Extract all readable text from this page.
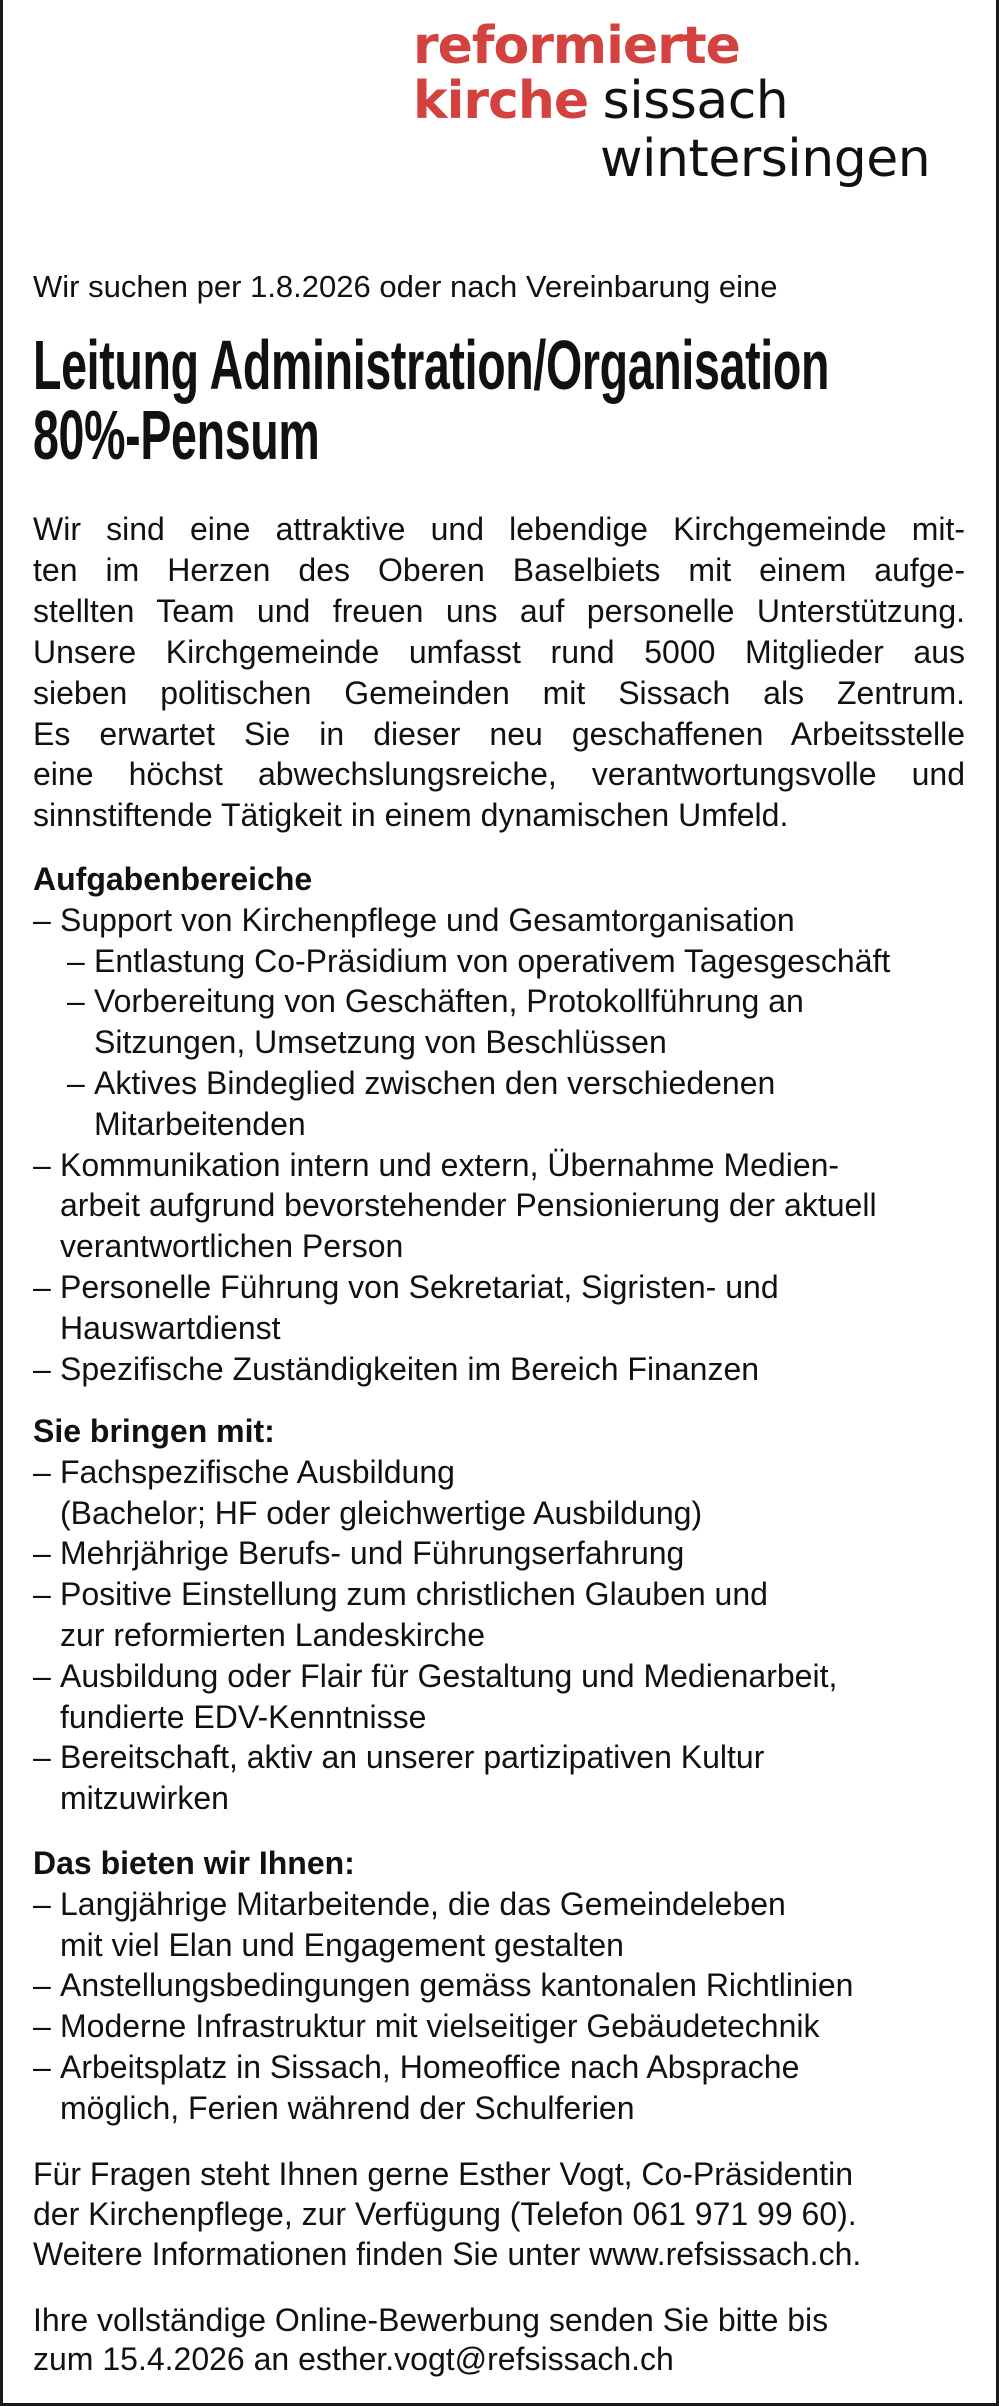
reformierte
kirche sissach
wintersingen
Wir suchen per 1.8.2026 oder nach Vereinbarung eine
Leitung Administration/Organisation
80%-Pensum
Wir sind eine attraktive und lebendige Kirchgemeinde mit-
ten im Herzen des Oberen Baselbiets mit einem aufge-
stellten Team und freuen uns auf personelle Unterstützung.
Unsere Kirchgemeinde umfasst rund 5000 Mitglieder aus
sieben politischen Gemeinden mit Sissach als Zentrum.
Es erwartet Sie in dieser neu geschaffenen Arbeitsstelle
eine höchst abwechslungsreiche, verantwortungsvolle und
sinnstiftende Tätigkeit in einem dynamischen Umfeld.
Aufgabenbereiche
– Support von Kirchenpflege und Gesamtorganisation
– Entlastung Co-Präsidium von operativem Tagesgeschäft
– Vorbereitung von Geschäften, Protokollführung an
Sitzungen, Umsetzung von Beschlüssen
– Aktives Bindeglied zwischen den verschiedenen
Mitarbeitenden
– Kommunikation intern und extern, Übernahme Medien-
arbeit aufgrund bevorstehender Pensionierung der aktuell
verantwortlichen Person
– Personelle Führung von Sekretariat, Sigristen- und
Hauswartdienst
– Spezifische Zuständigkeiten im Bereich Finanzen
Sie bringen mit:
– Fachspezifische Ausbildung
(Bachelor; HF oder gleichwertige Ausbildung)
– Mehrjährige Berufs- und Führungserfahrung
– Positive Einstellung zum christlichen Glauben und
zur reformierten Landeskirche
– Ausbildung oder Flair für Gestaltung und Medienarbeit,
fundierte EDV-Kenntnisse
– Bereitschaft, aktiv an unserer partizipativen Kultur
mitzuwirken
Das bieten wir Ihnen:
– Langjährige Mitarbeitende, die das Gemeindeleben
mit viel Elan und Engagement gestalten
– Anstellungsbedingungen gemäss kantonalen Richtlinien
– Moderne Infrastruktur mit vielseitiger Gebäudetechnik
– Arbeitsplatz in Sissach, Homeoffice nach Absprache
möglich, Ferien während der Schulferien
Für Fragen steht Ihnen gerne Esther Vogt, Co-Präsidentin
der Kirchenpflege, zur Verfügung (Telefon 061 971 99 60).
Weitere Informationen finden Sie unter www.refsissach.ch.
Ihre vollständige Online-Bewerbung senden Sie bitte bis
zum 15.4.2026 an esther.vogt@refsissach.ch
